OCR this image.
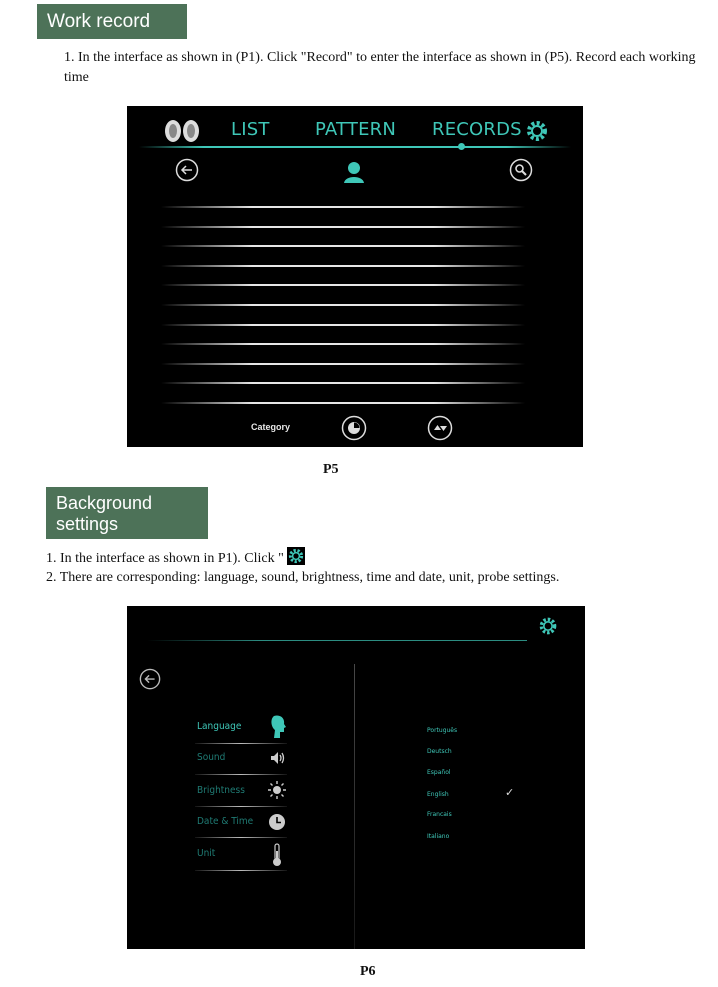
Work record
1. In the interface as shown in (P1). Click "Record" to enter the interface as shown in (P5). Record each working time
LIST	PATTERN RECORDS
Category
P5
Background settings
1. In the interface as shown in P1). Click "
2. There are corresponding: language, sound, brightness, time and date, unit, probe settings.
Language
Sound
Brightness
Date & Time
Unit
Português
Deutsch
Español
English	✓
Francais
Italiano
P6
